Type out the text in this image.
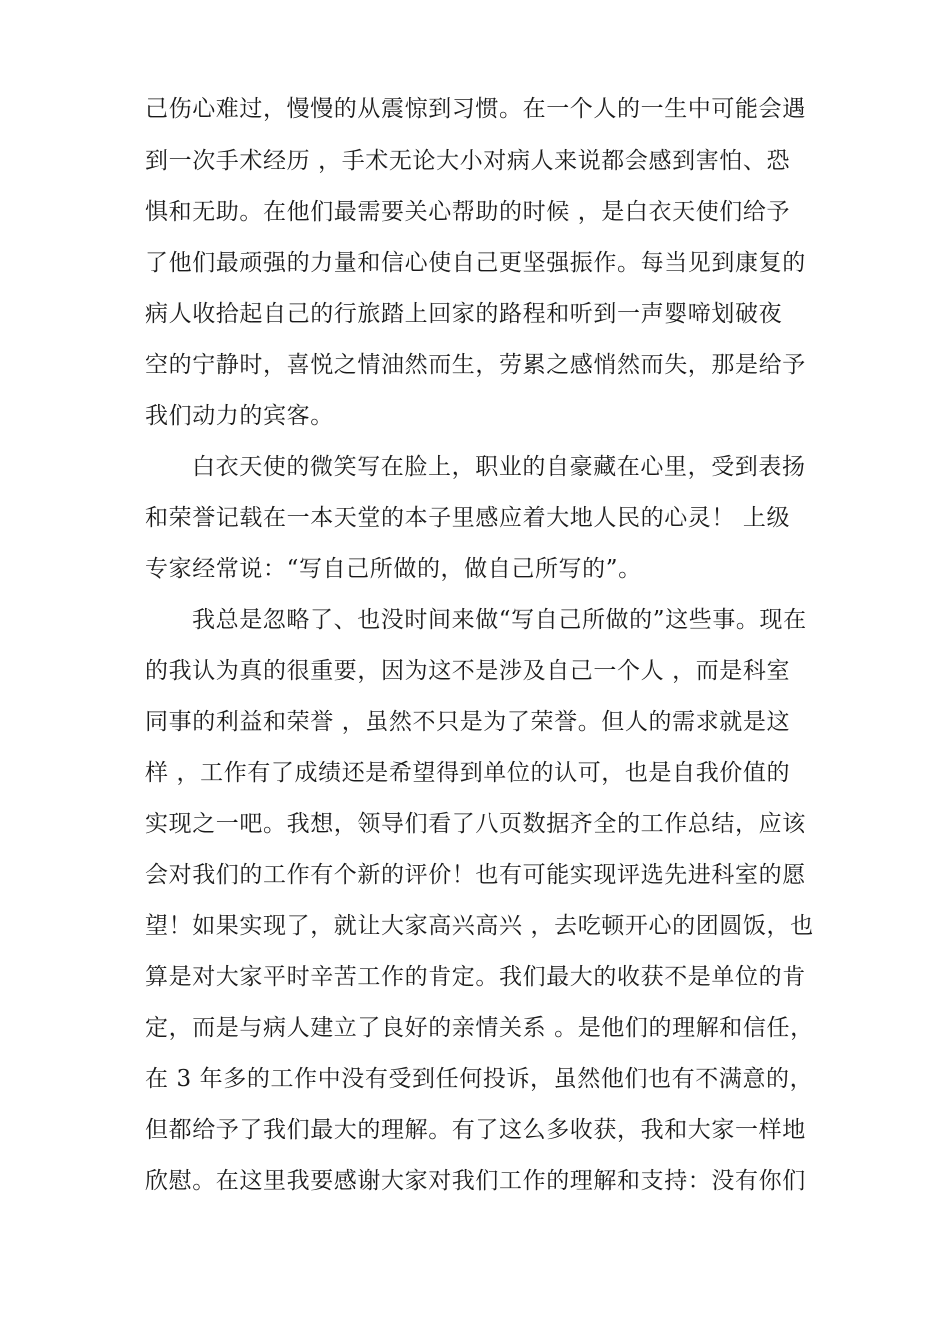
己伤心难过，慢慢的从震惊到习惯。在一个人的一生中可能会遇
到一次手术经历 ，手术无论大小对病人来说都会感到害怕、恐
惧和无助。在他们最需要关心帮助的时候 ，是白衣天使们给予
了他们最顽强的力量和信心使自己更坚强振作。每当见到康复的
病人收拾起自己的行旅踏上回家的路程和听到一声婴啼划破夜
空的宁静时，喜悦之情油然而生，劳累之感悄然而失，那是给予
我们动力的宾客。
白衣天使的微笑写在脸上，职业的自豪藏在心里，受到表扬
和荣誉记载在一本天堂的本子里感应着大地人民的心灵！ 上级
专家经常说：“写自己所做的，做自己所写的”。
我总是忽略了、也没时间来做“写自己所做的”这些事。现在
的我认为真的很重要，因为这不是涉及自己一个人 ，而是科室
同事的利益和荣誉 ，虽然不只是为了荣誉。但人的需求就是这
样 ，工作有了成绩还是希望得到单位的认可，也是自我价值的
实现之一吧。我想，领导们看了八页数据齐全的工作总结，应该
会对我们的工作有个新的评价！也有可能实现评选先进科室的愿
望！如果实现了，就让大家高兴高兴 ，去吃顿开心的团圆饭，也
算是对大家平时辛苦工作的肯定。我们最大的收获不是单位的肯
定，而是与病人建立了良好的亲情关系 。是他们的理解和信任，
在 3 年多的工作中没有受到任何投诉，虽然他们也有不满意的，
但都给予了我们最大的理解。有了这么多收获，我和大家一样地
欣慰。在这里我要感谢大家对我们工作的理解和支持：没有你们
